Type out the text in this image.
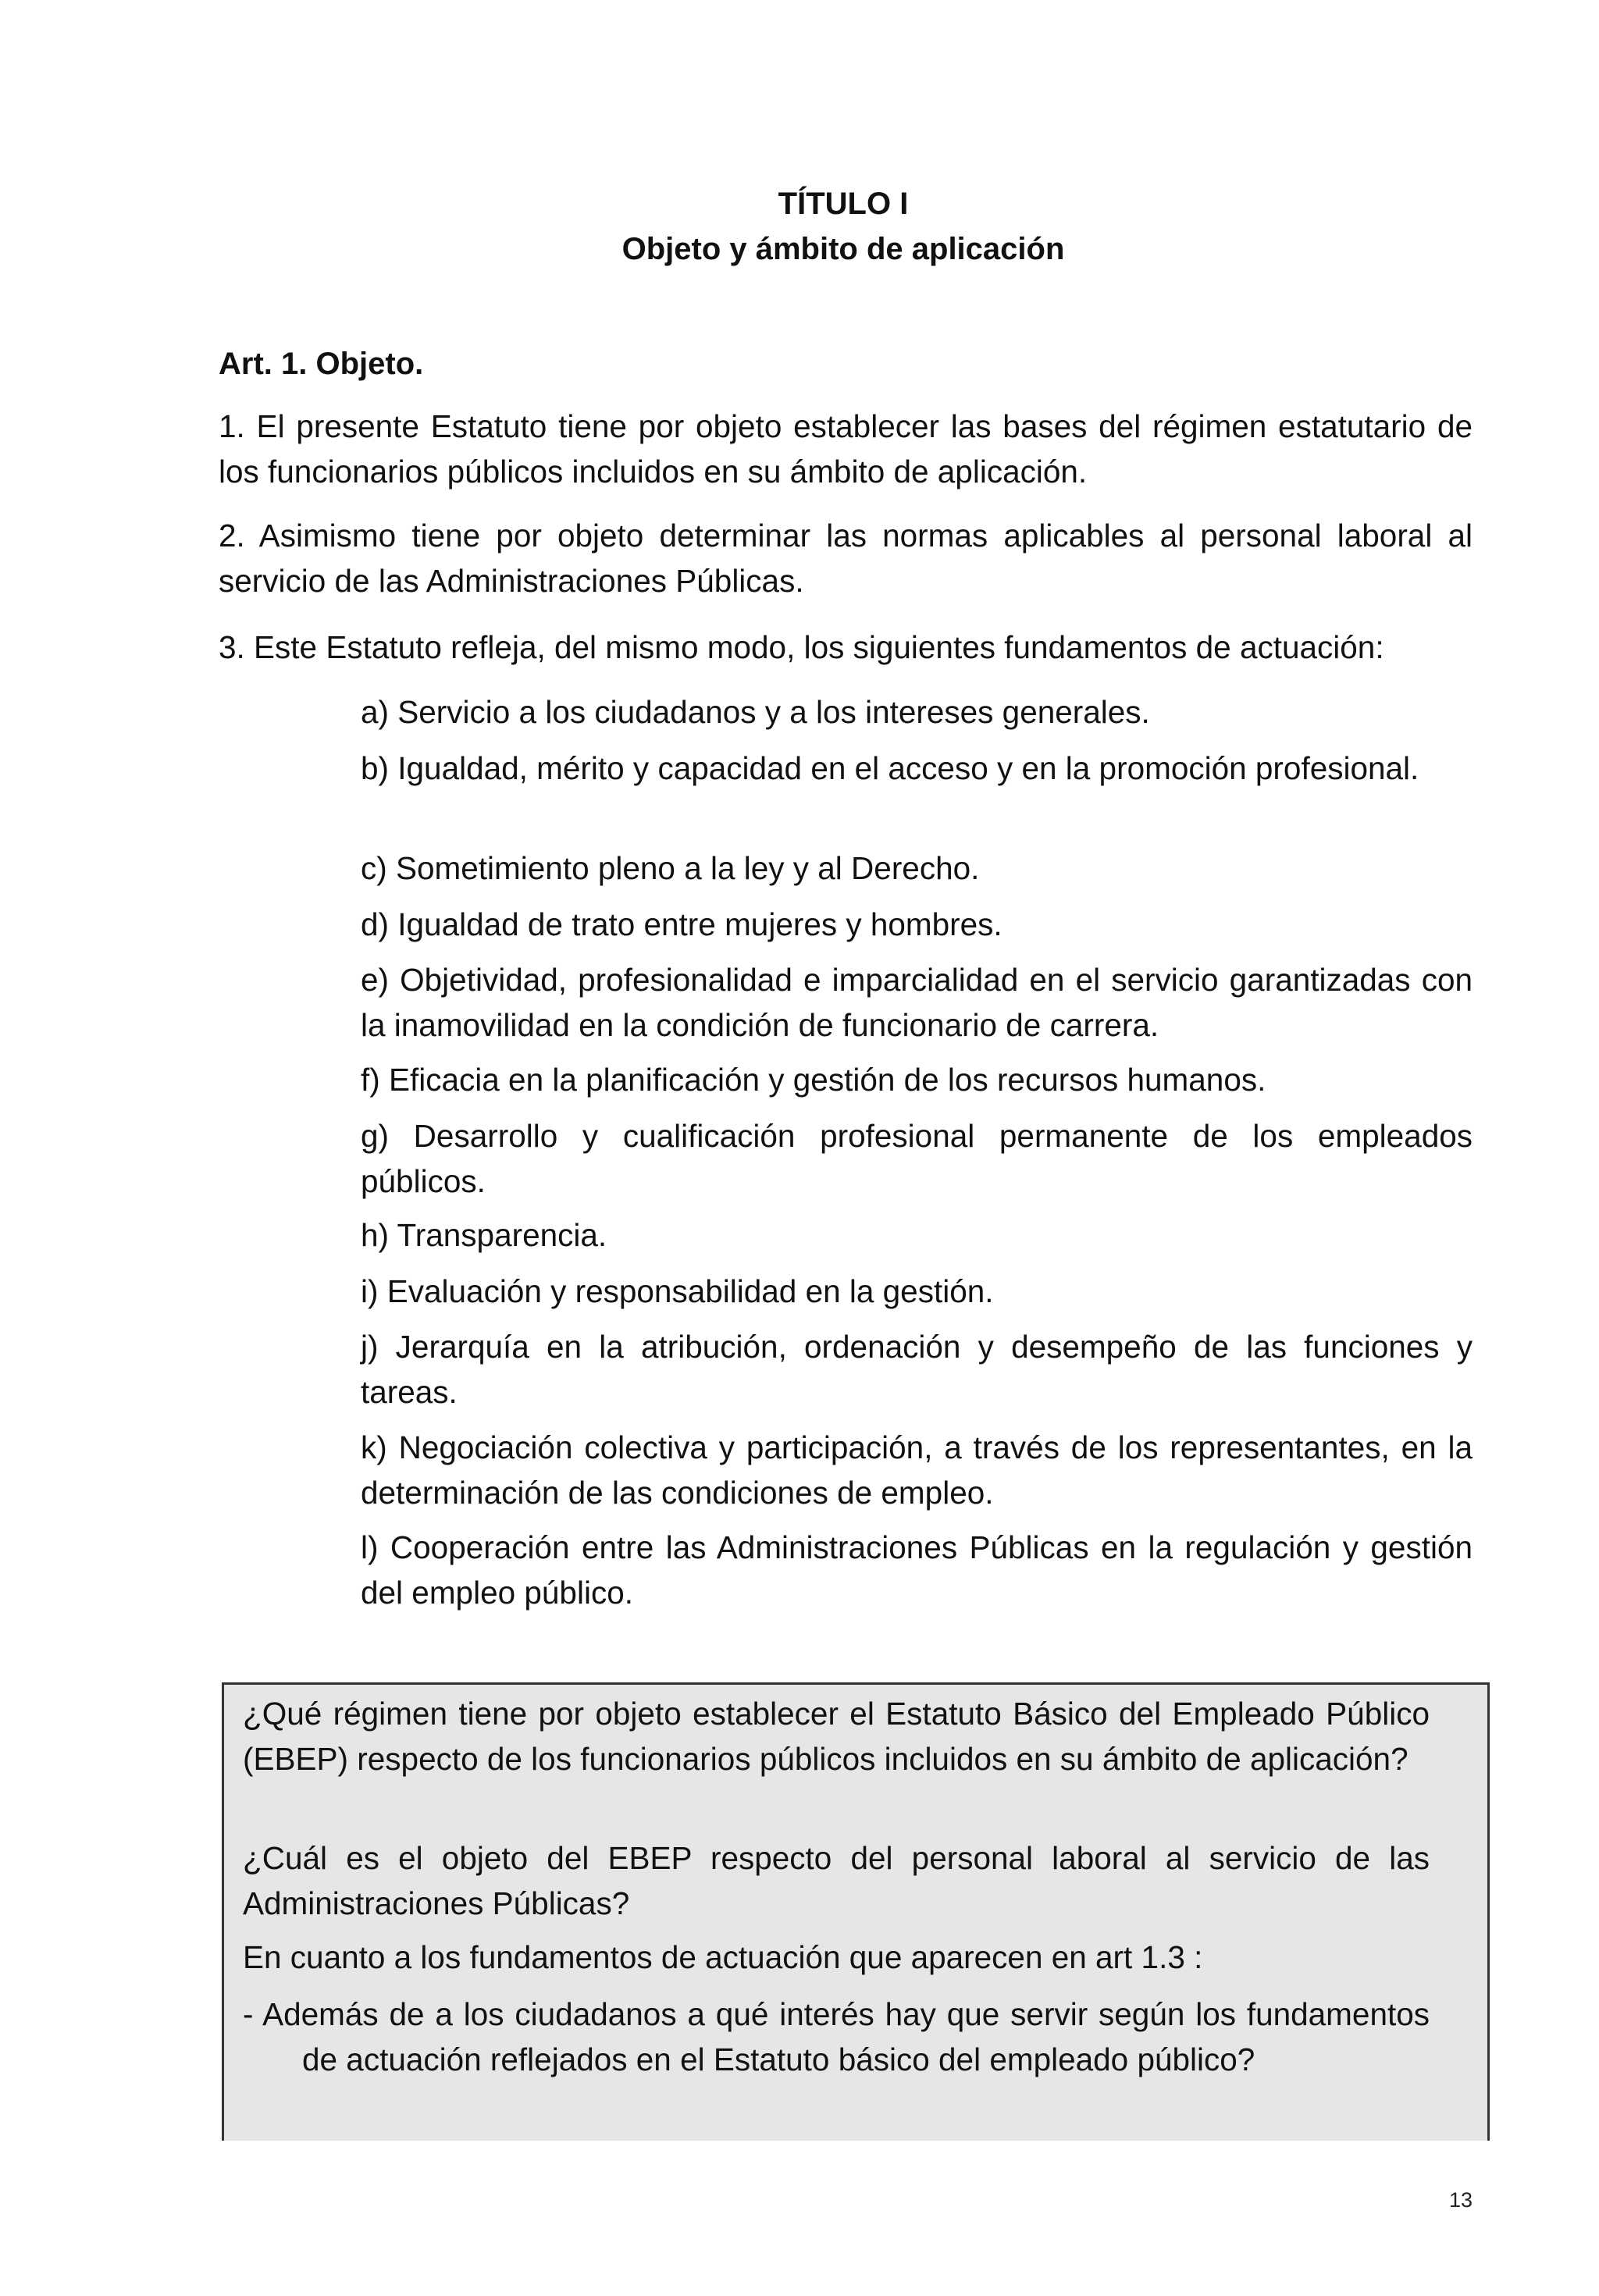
TÍTULO I
Objeto y ámbito de aplicación
Art. 1. Objeto.
1. El presente Estatuto tiene por objeto establecer las bases del régimen estatutario de los funcionarios públicos incluidos en su ámbito de aplicación.
2. Asimismo tiene por objeto determinar las normas aplicables al personal laboral al servicio de las Administraciones Públicas.
3. Este Estatuto refleja, del mismo modo, los siguientes fundamentos de actuación:
a) Servicio a los ciudadanos y a los intereses generales.
b) Igualdad, mérito y capacidad en el acceso y en la promoción profesional.
c) Sometimiento pleno a la ley y al Derecho.
d) Igualdad de trato entre mujeres y hombres.
e) Objetividad, profesionalidad e imparcialidad en el servicio garantizadas con la inamovilidad en la condición de funcionario de carrera.
f) Eficacia en la planificación y gestión de los recursos humanos.
g) Desarrollo y cualificación profesional permanente de los empleados públicos.
h) Transparencia.
i) Evaluación y responsabilidad en la gestión.
j) Jerarquía en la atribución, ordenación y desempeño de las funciones y tareas.
k) Negociación colectiva y participación, a través de los representantes, en la determinación de las condiciones de empleo.
l) Cooperación entre las Administraciones Públicas en la regulación y gestión del empleo público.
¿Qué régimen tiene por objeto establecer el Estatuto Básico del Empleado Público (EBEP) respecto de los funcionarios públicos incluidos en su ámbito de aplicación?
¿Cuál es el objeto del EBEP respecto del personal laboral al servicio de las Administraciones Públicas?
En cuanto a los fundamentos de actuación que aparecen en art 1.3 :
- Además de a los ciudadanos a qué interés hay que servir según los fundamentos de actuación reflejados en el Estatuto básico del empleado público?
13
